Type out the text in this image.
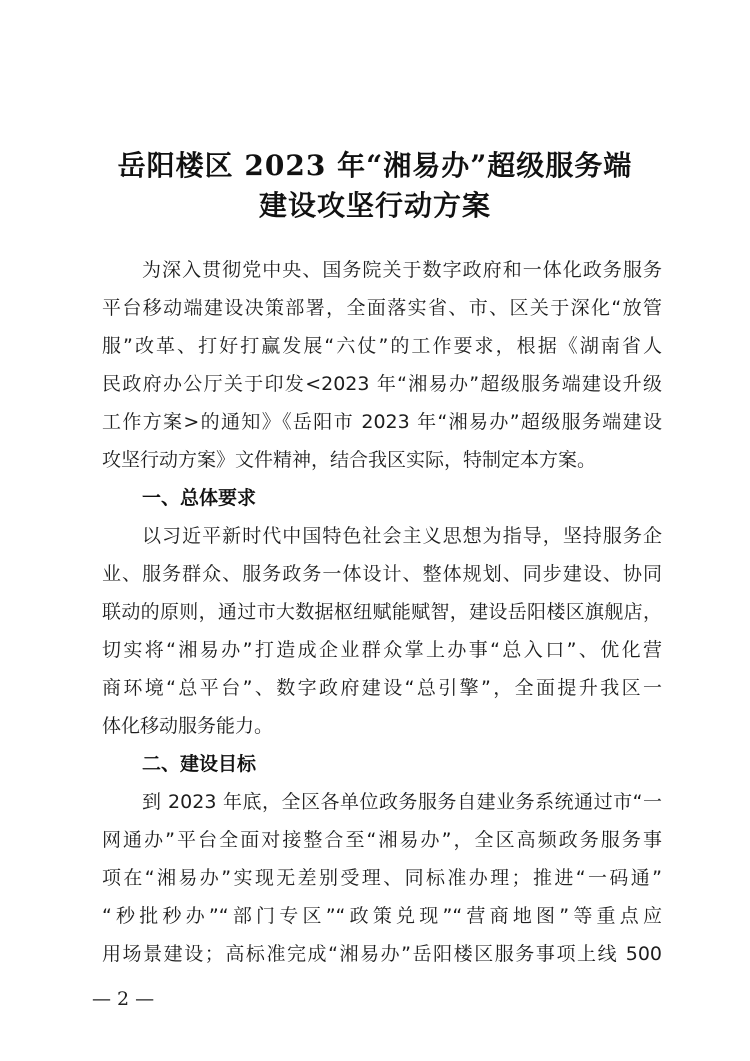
岳阳楼区 2023 年“湘易办”超级服务端
建设攻坚行动方案
为深入贯彻党中央、国务院关于数字政府和一体化政务服务
平台移动端建设决策部署，全面落实省、市、区关于深化“放管
服”改革、打好打赢发展“六仗”的工作要求，根据《湖南省人
民政府办公厅关于印发<2023 年“湘易办”超级服务端建设升级
工作方案>的通知》《岳阳市 2023 年“湘易办”超级服务端建设
攻坚行动方案》文件精神，结合我区实际，特制定本方案。
一、总体要求
以习近平新时代中国特色社会主义思想为指导，坚持服务企
业、服务群众、服务政务一体设计、整体规划、同步建设、协同
联动的原则，通过市大数据枢纽赋能赋智，建设岳阳楼区旗舰店，
切实将“湘易办”打造成企业群众掌上办事“总入口”、优化营
商环境“总平台”、数字政府建设“总引擎”，全面提升我区一
体化移动服务能力。
二、建设目标
到 2023 年底，全区各单位政务服务自建业务系统通过市“一
网通办”平台全面对接整合至“湘易办”，全区高频政务服务事
项在“湘易办”实现无差别受理、同标准办理；推进“一码通”
“秒批秒办”“部门专区”“政策兑现”“营商地图”等重点应
用场景建设；高标准完成“湘易办”岳阳楼区服务事项上线 500
— 2 —
